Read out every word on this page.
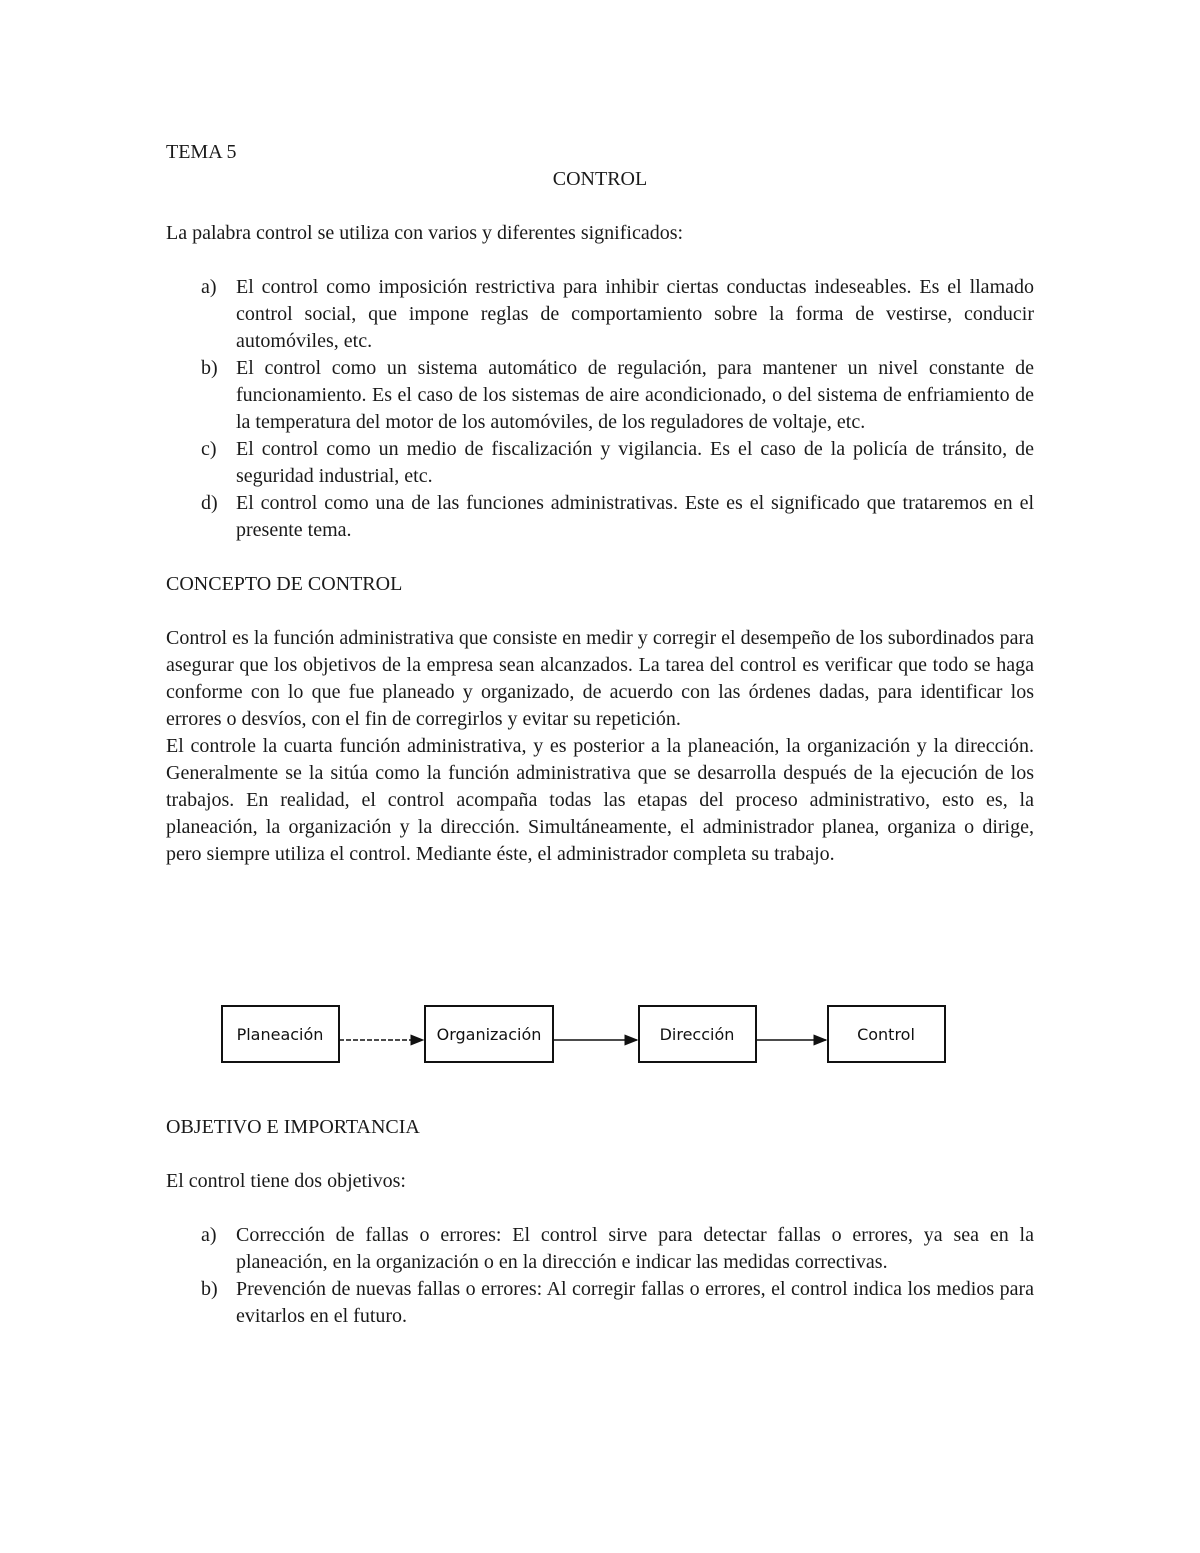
TEMA 5

CONTROL

La palabra control se utiliza con varios y diferentes significados:

a) El control como imposición restrictiva para inhibir ciertas conductas indeseables. Es el llamado control social, que impone reglas de comportamiento sobre la forma de vestirse, conducir automóviles, etc.
b) El control como un sistema automático de regulación, para mantener un nivel constante de funcionamiento. Es el caso de los sistemas de aire acondicionado, o del sistema de enfriamiento de la temperatura del motor de los automóviles, de los reguladores de voltaje, etc.
c) El control como un medio de fiscalización y vigilancia. Es el caso de la policía de tránsito, de seguridad industrial, etc.
d) El control como una de las funciones administrativas. Este es el significado que trataremos en el presente tema.

CONCEPTO DE CONTROL

Control es la función administrativa que consiste en medir y corregir el desempeño de los subordinados para asegurar que los objetivos de la empresa sean alcanzados. La tarea del control es verificar que todo se haga conforme con lo que fue planeado y organizado, de acuerdo con las órdenes dadas, para identificar los errores o desvíos, con el fin de corregirlos y evitar su repetición.

El controle la cuarta función administrativa, y es posterior a la planeación, la organización y la dirección. Generalmente se la sitúa como la función administrativa que se desarrolla después de la ejecución de los trabajos. En realidad, el control acompaña todas las etapas del proceso administrativo, esto es, la planeación, la organización y la dirección. Simultáneamente, el administrador planea, organiza o dirige, pero siempre utiliza el control. Mediante éste, el administrador completa su trabajo.

Planeación	Organización	Dirección	Control

OBJETIVO E IMPORTANCIA

El control tiene dos objetivos:

a) Corrección de fallas o errores: El control sirve para detectar fallas o errores, ya sea en la planeación, en la organización o en la dirección e indicar las medidas correctivas.
b) Prevención de nuevas fallas o errores: Al corregir fallas o errores, el control indica los medios para evitarlos en el futuro.
